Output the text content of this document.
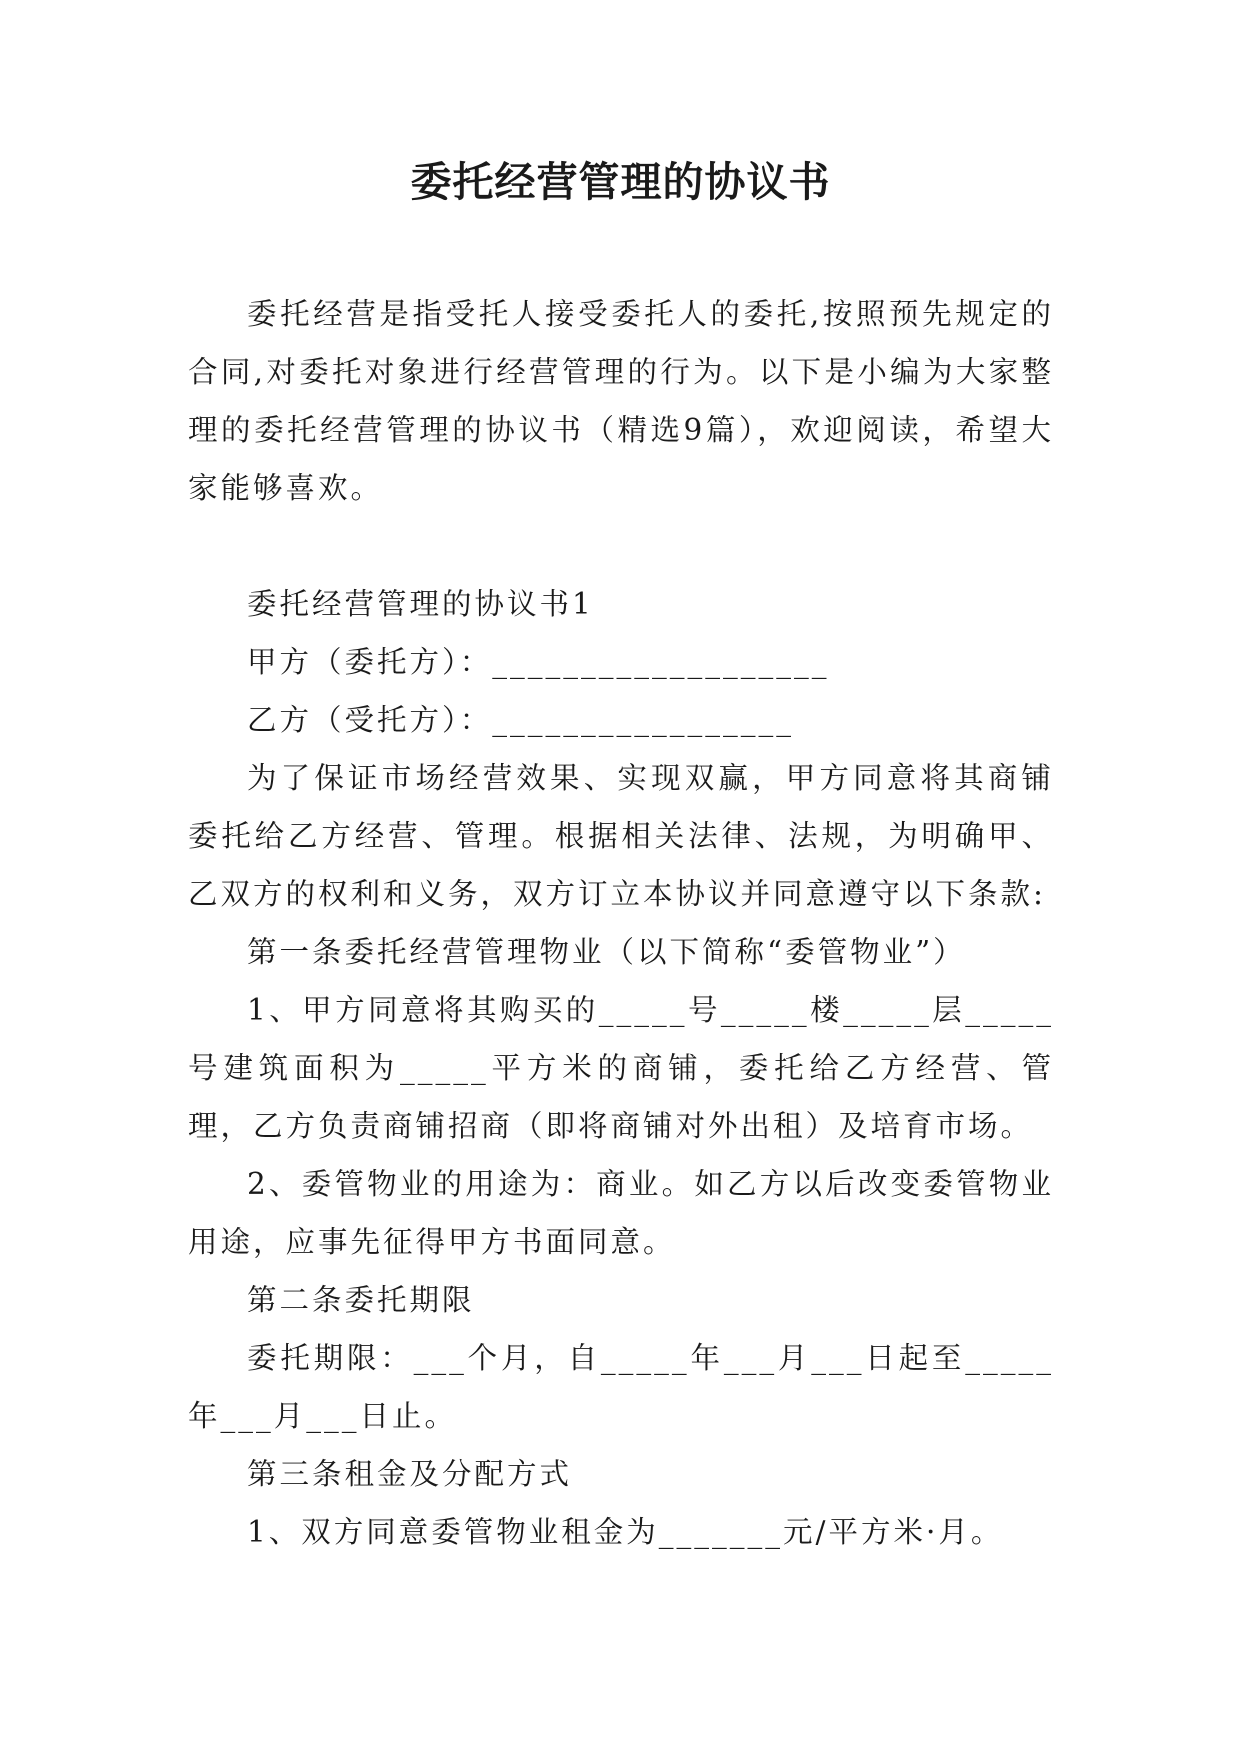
委托经营管理的协议书

委托经营是指受托人接受委托人的委托,按照预先规定的合同,对委托对象进行经营管理的行为。以下是小编为大家整理的委托经营管理的协议书（精选9篇），欢迎阅读，希望大家能够喜欢。

委托经营管理的协议书1

甲方（委托方）：___________________

乙方（受托方）：_________________

为了保证市场经营效果、实现双赢，甲方同意将其商铺委托给乙方经营、管理。根据相关法律、法规，为明确甲、乙双方的权利和义务，双方订立本协议并同意遵守以下条款:

第一条委托经营管理物业（以下简称“委管物业”）

1、甲方同意将其购买的_____号_____楼_____层_____号建筑面积为_____平方米的商铺，委托给乙方经营、管理，乙方负责商铺招商（即将商铺对外出租）及培育市场。

2、委管物业的用途为：商业。如乙方以后改变委管物业用途，应事先征得甲方书面同意。

第二条委托期限

委托期限：___个月，自_____年___月___日起至_____年___月___日止。

第三条租金及分配方式

1、双方同意委管物业租金为_______元/平方米·月。
